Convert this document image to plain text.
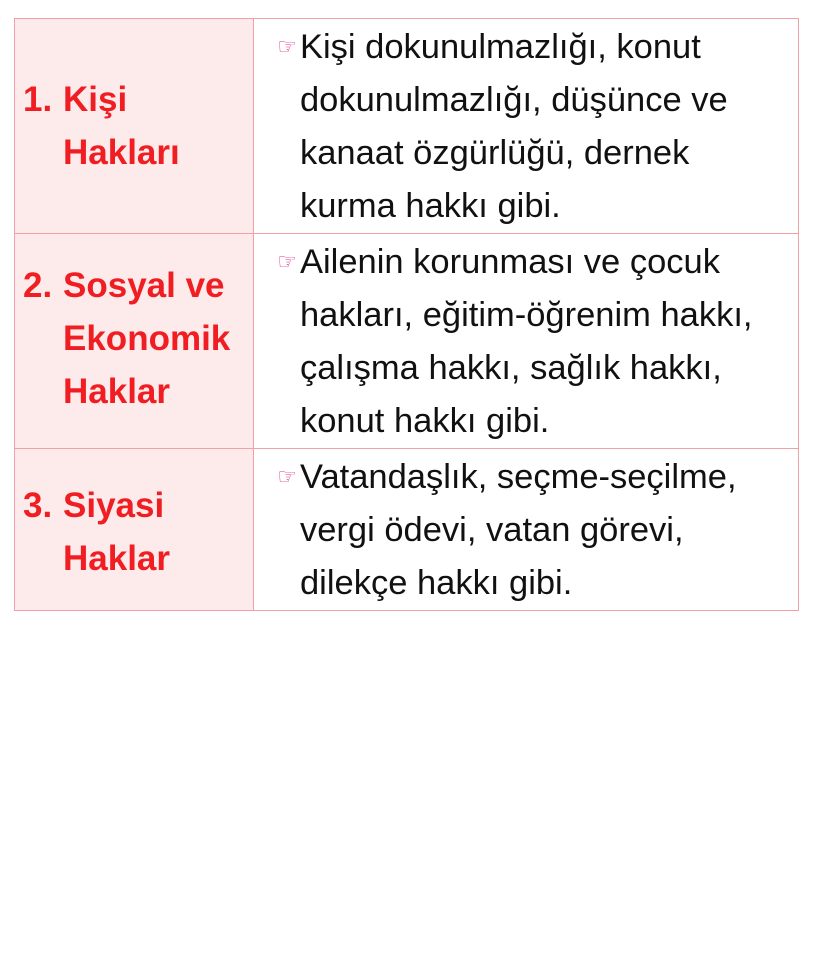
1. Kişi Hakları	☞ Kişi dokunulmazlığı, konut dokunulmazlığı, düşünce ve kanaat özgürlüğü, dernek kurma hakkı gibi.

2. Sosyal ve Ekonomik Haklar	☞ Ailenin korunması ve çocuk hakları, eğitim-öğrenim hakkı, çalışma hakkı, sağlık hakkı, konut hakkı gibi.

3. Siyasi Haklar	☞ Vatandaşlık, seçme-seçilme, vergi ödevi, vatan görevi, dilekçe hakkı gibi.
